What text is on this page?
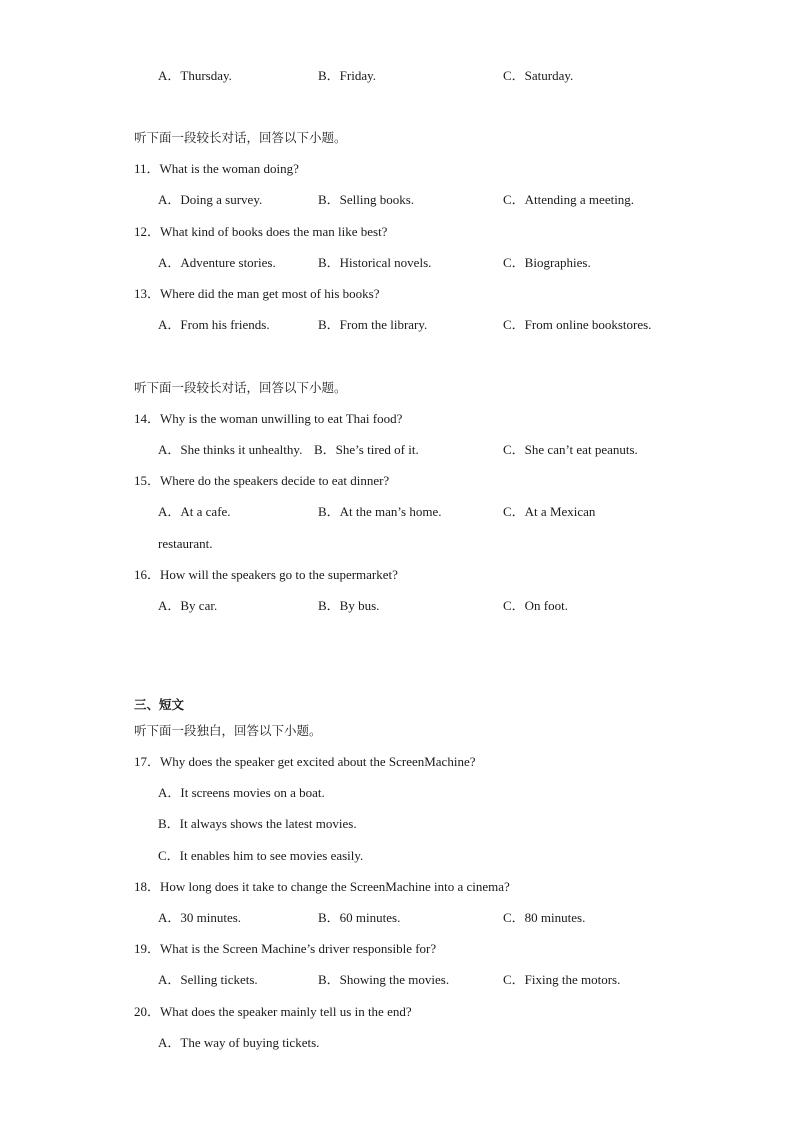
A．Thursday.	B．Friday.	C．Saturday.
听下面一段较长对话，回答以下小题。
11．What is the woman doing?
A．Doing a survey.	B．Selling books.	C．Attending a meeting.
12．What kind of books does the man like best?
A．Adventure stories.	B．Historical novels.	C．Biographies.
13．Where did the man get most of his books?
A．From his friends.	B．From the library.	C．From online bookstores.
听下面一段较长对话，回答以下小题。
14．Why is the woman unwilling to eat Thai food?
A．She thinks it unhealthy. B．She’s tired of it.	C．She can’t eat peanuts.
15．Where do the speakers decide to eat dinner?
A．At a cafe.	B．At the man’s home.	C．At a Mexican
restaurant.
16．How will the speakers go to the supermarket?
A．By car.	B．By bus.	C．On foot.
三、短文
听下面一段独白，回答以下小题。
17．Why does the speaker get excited about the ScreenMachine?
A．It screens movies on a boat.
B．It always shows the latest movies.
C．It enables him to see movies easily.
18．How long does it take to change the ScreenMachine into a cinema?
A．30 minutes.	B．60 minutes.	C．80 minutes.
19．What is the Screen Machine’s driver responsible for?
A．Selling tickets.	B．Showing the movies.	C．Fixing the motors.
20．What does the speaker mainly tell us in the end?
A．The way of buying tickets.
